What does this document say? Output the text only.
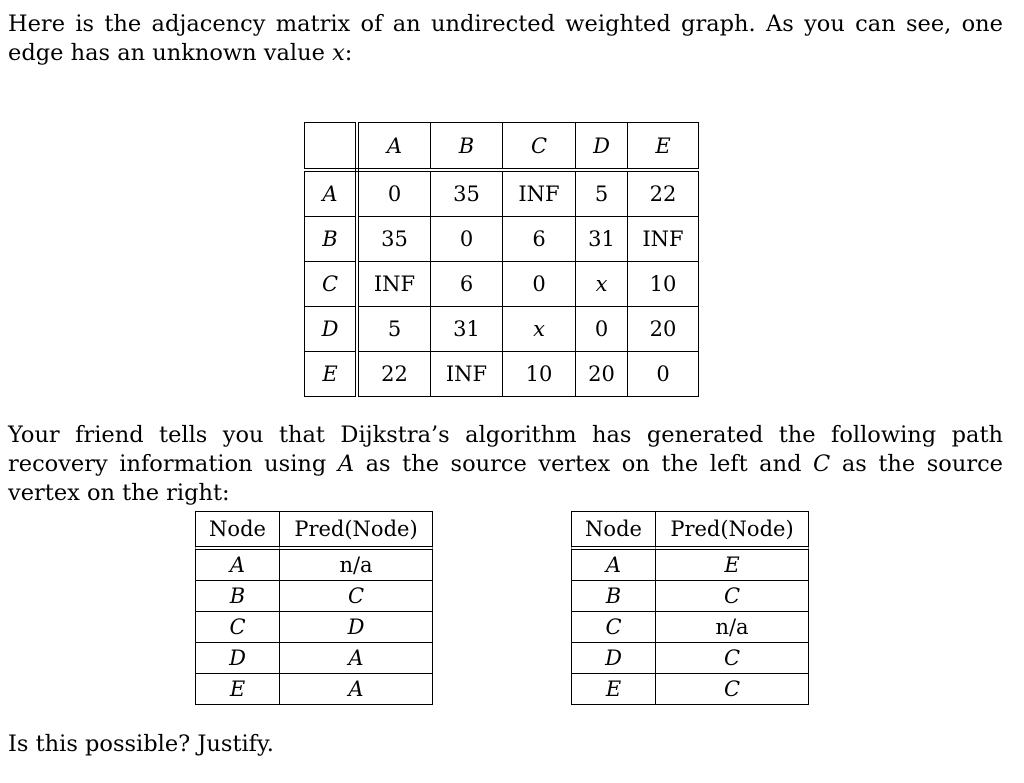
Here is the adjacency matrix of an undirected weighted graph. As you can see, one edge has an unknown value x:

	A	B	C	D	E
A	0	35	INF	5	22
B	35	0	6	31	INF
C	INF	6	0	x	10
D	5	31	x	0	20
E	22	INF	10	20	0

Your friend tells you that Dijkstra’s algorithm has generated the following path recovery information using A as the source vertex on the left and C as the source vertex on the right:

Node	Pred(Node)
A	n/a
B	C
C	D
D	A
E	A
Node	Pred(Node)
A	E
B	C
C	n/a
D	C
E	C

Is this possible? Justify.
